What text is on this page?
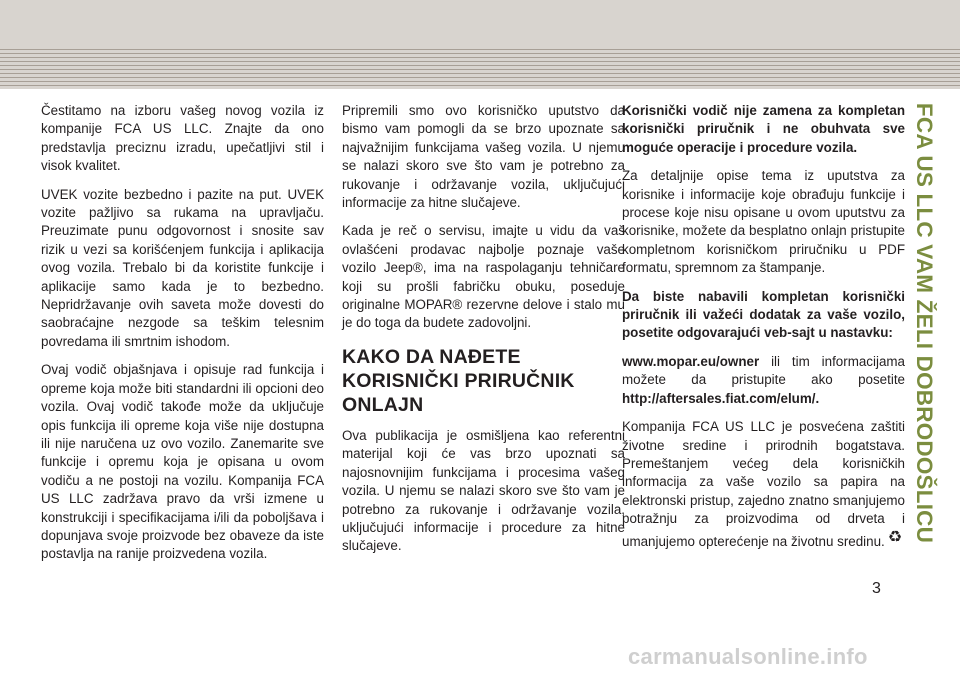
FCA US LLC VAM ŽELI DOBRODOŠLICU

Čestitamo na izboru vašeg novog vozila iz kompanije FCA US LLC. Znajte da ono predstavlja preciznu izradu, upečatljivi stil i visok kvalitet.

UVEK vozite bezbedno i pazite na put. UVEK vozite pažljivo sa rukama na upravljaču. Preuzimate punu odgovornost i snosite sav rizik u vezi sa korišćenjem funkcija i aplikacija ovog vozila. Trebalo bi da koristite funkcije i aplikacije samo kada je to bezbedno. Nepridržavanje ovih saveta može dovesti do saobraćajne nezgode sa teškim telesnim povredama ili smrtnim ishodom.

Ovaj vodič objašnjava i opisuje rad funkcija i opreme koja može biti standardni ili opcioni deo vozila. Ovaj vodič takođe može da uključuje opis funkcija ili opreme koja više nije dostupna ili nije naručena uz ovo vozilo. Zanemarite sve funkcije i opremu koja je opisana u ovom vodiču a ne postoji na vozilu. Kompanija FCA US LLC zadržava pravo da vrši izmene u konstrukciji i specifikacijama i/ili da poboljšava i dopunjava svoje proizvode bez obaveze da iste postavlja na ranije proizvedena vozila.

Pripremili smo ovo korisničko uputstvo da bismo vam pomogli da se brzo upoznate sa najvažnijim funkcijama vašeg vozila. U njemu se nalazi skoro sve što vam je potrebno za rukovanje i održavanje vozila, uključujući informacije za hitne slučajeve.

Kada je reč o servisu, imajte u vidu da vaš ovlašćeni prodavac najbolje poznaje vaše vozilo Jeep®, ima na raspolaganju tehničare koji su prošli fabričku obuku, poseduje originalne MOPAR® rezervne delove i stalo mu je do toga da budete zadovoljni.

KAKO DA NAĐETE KORISNIČKI PRIRUČNIK ONLAJN

Ova publikacija je osmišljena kao referentni materijal koji će vas brzo upoznati sa najosnovnijim funkcijama i procesima vašeg vozila. U njemu se nalazi skoro sve što vam je potrebno za rukovanje i održavanje vozila, uključujući informacije i procedure za hitne slučajeve.

Korisnički vodič nije zamena za kompletan korisnički priručnik i ne obuhvata sve moguće operacije i procedure vozila.

Za detaljnije opise tema iz uputstva za korisnike i informacije koje obrađuju funkcije i procese koje nisu opisane u ovom uputstvu za korisnike, možete da besplatno onlajn pristupite kompletnom korisničkom priručniku u PDF formatu, spremnom za štampanje.

Da biste nabavili kompletan korisnički priručnik ili važeći dodatak za vaše vozilo, posetite odgovarajući veb-sajt u nastavku:

www.mopar.eu/owner ili tim informacijama možete da pristupite ako posetite http://aftersales.fiat.com/elum/.

Kompanija FCA US LLC je posvećena zaštiti životne sredine i prirodnih bogatstava. Premeštanjem većeg dela korisničkih informacija za vaše vozilo sa papira na elektronski pristup, zajedno znatno smanjujemo potražnju za proizvodima od drveta i umanjujemo opterećenje na životnu sredinu. ♻

3
carmanualsonline.info
